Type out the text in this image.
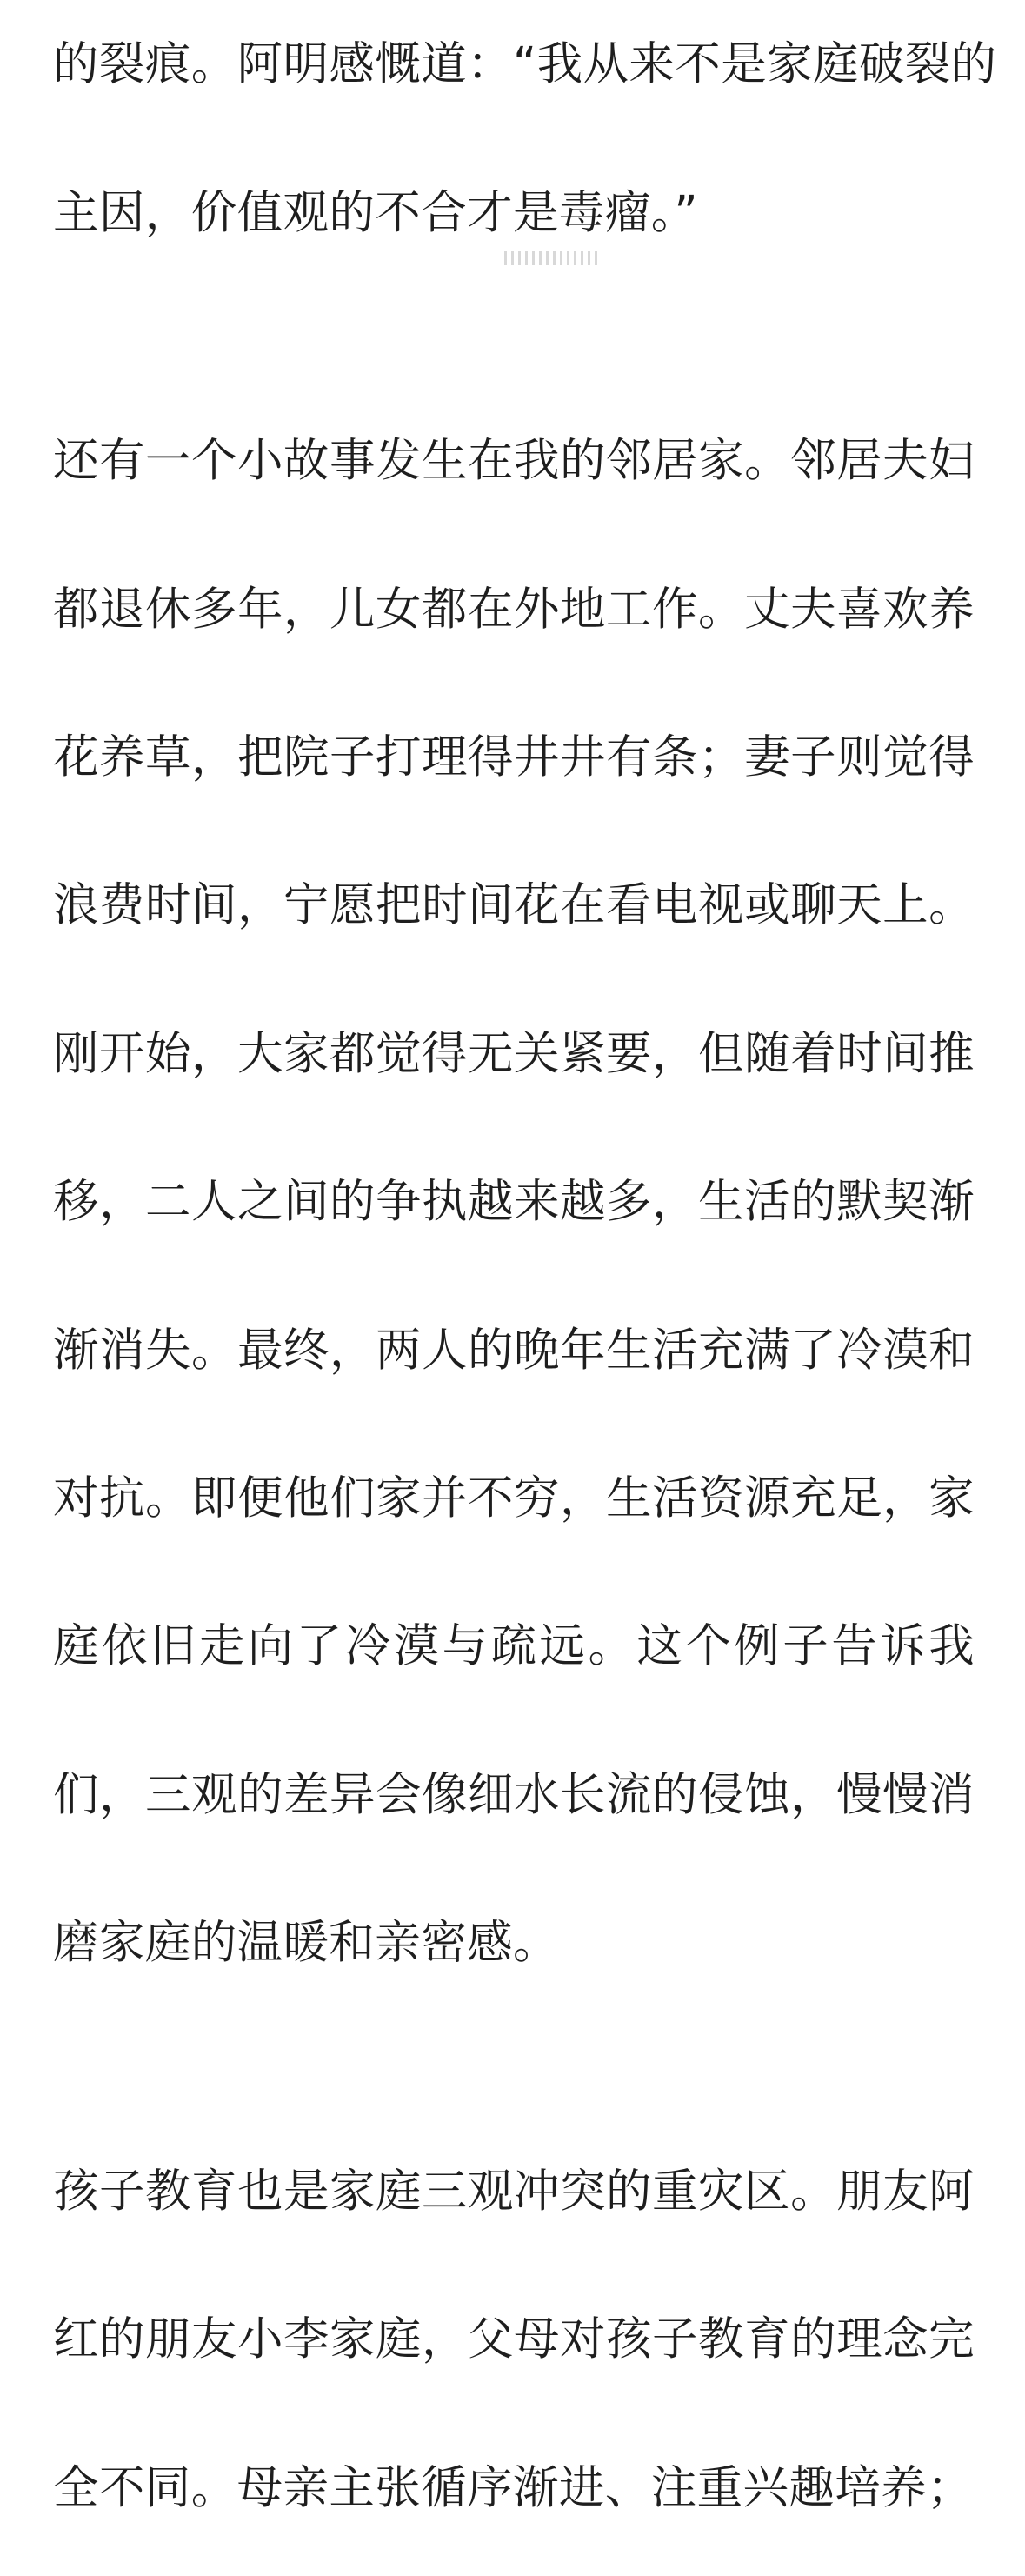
的裂痕。阿明感慨道：“我从来不是家庭破裂的

主因，价值观的不合才是毒瘤。”

还有一个小故事发生在我的邻居家。邻居夫妇

都退休多年，儿女都在外地工作。丈夫喜欢养

花养草，把院子打理得井井有条；妻子则觉得

浪费时间，宁愿把时间花在看电视或聊天上。

刚开始，大家都觉得无关紧要，但随着时间推

移，二人之间的争执越来越多，生活的默契渐

渐消失。最终，两人的晚年生活充满了冷漠和

对抗。即便他们家并不穷，生活资源充足，家

庭依旧走向了冷漠与疏远。这个例子告诉我

们，三观的差异会像细水长流的侵蚀，慢慢消

磨家庭的温暖和亲密感。

孩子教育也是家庭三观冲突的重灾区。朋友阿

红的朋友小李家庭，父母对孩子教育的理念完

全不同。母亲主张循序渐进、注重兴趣培养；
